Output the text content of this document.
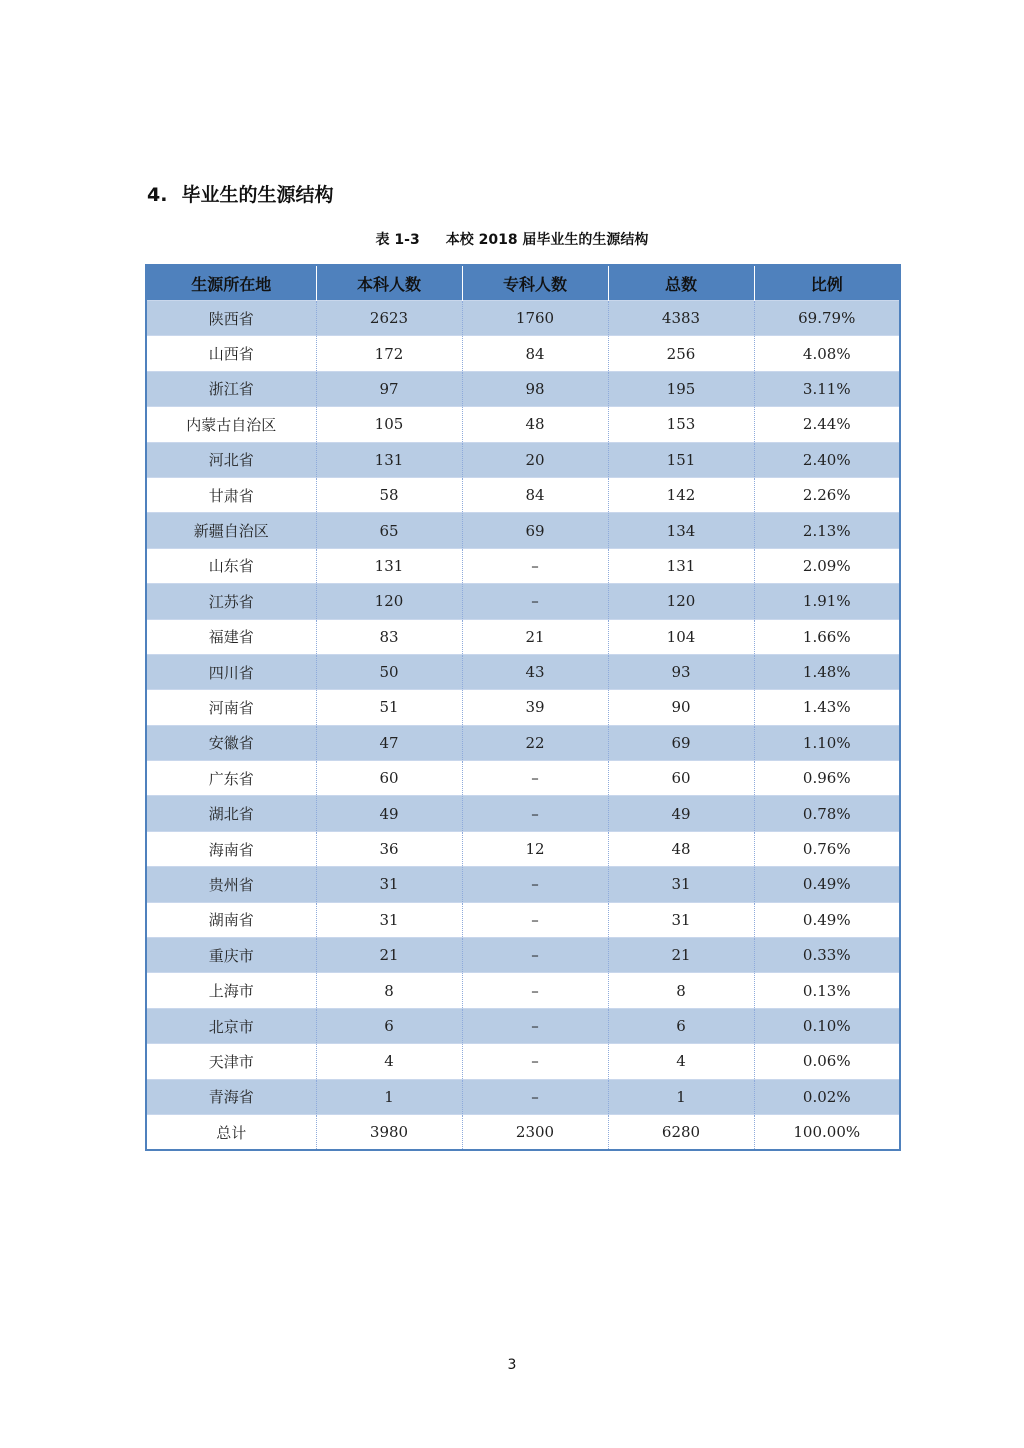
4. 毕业生的生源结构
表 1-3 本校 2018 届毕业生的生源结构
生源所在地	本科人数	专科人数	总数	比例
陕西省	2623	1760	4383	69.79%
山西省	172	84	256	4.08%
浙江省	97	98	195	3.11%
内蒙古自治区	105	48	153	2.44%
河北省	131	20	151	2.40%
甘肃省	58	84	142	2.26%
新疆自治区	65	69	134	2.13%
山东省	131	–	131	2.09%
江苏省	120	–	120	1.91%
福建省	83	21	104	1.66%
四川省	50	43	93	1.48%
河南省	51	39	90	1.43%
安徽省	47	22	69	1.10%
广东省	60	–	60	0.96%
湖北省	49	–	49	0.78%
海南省	36	12	48	0.76%
贵州省	31	–	31	0.49%
湖南省	31	–	31	0.49%
重庆市	21	–	21	0.33%
上海市	8	–	8	0.13%
北京市	6	–	6	0.10%
天津市	4	–	4	0.06%
青海省	1	–	1	0.02%
总计	3980	2300	6280	100.00%
3
